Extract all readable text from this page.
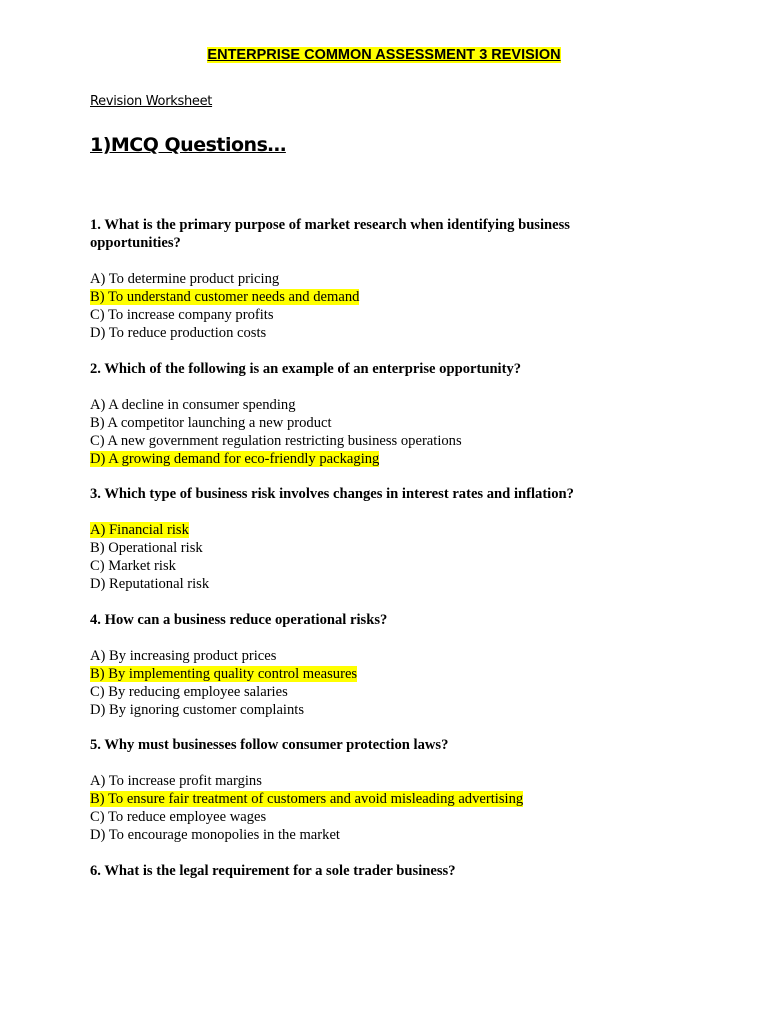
ENTERPRISE COMMON ASSESSMENT 3 REVISION
Revision Worksheet
1)MCQ Questions…

1. What is the primary purpose of market research when identifying business opportunities?

A) To determine product pricing

B) To understand customer needs and demand

C) To increase company profits

D) To reduce production costs

2. Which of the following is an example of an enterprise opportunity?

A) A decline in consumer spending

B) A competitor launching a new product

C) A new government regulation restricting business operations

D) A growing demand for eco-friendly packaging

3. Which type of business risk involves changes in interest rates and inflation?

A) Financial risk

B) Operational risk

C) Market risk

D) Reputational risk

4. How can a business reduce operational risks?

A) By increasing product prices

B) By implementing quality control measures

C) By reducing employee salaries

D) By ignoring customer complaints

5. Why must businesses follow consumer protection laws?

A) To increase profit margins

B) To ensure fair treatment of customers and avoid misleading advertising

C) To reduce employee wages

D) To encourage monopolies in the market

6. What is the legal requirement for a sole trader business?
